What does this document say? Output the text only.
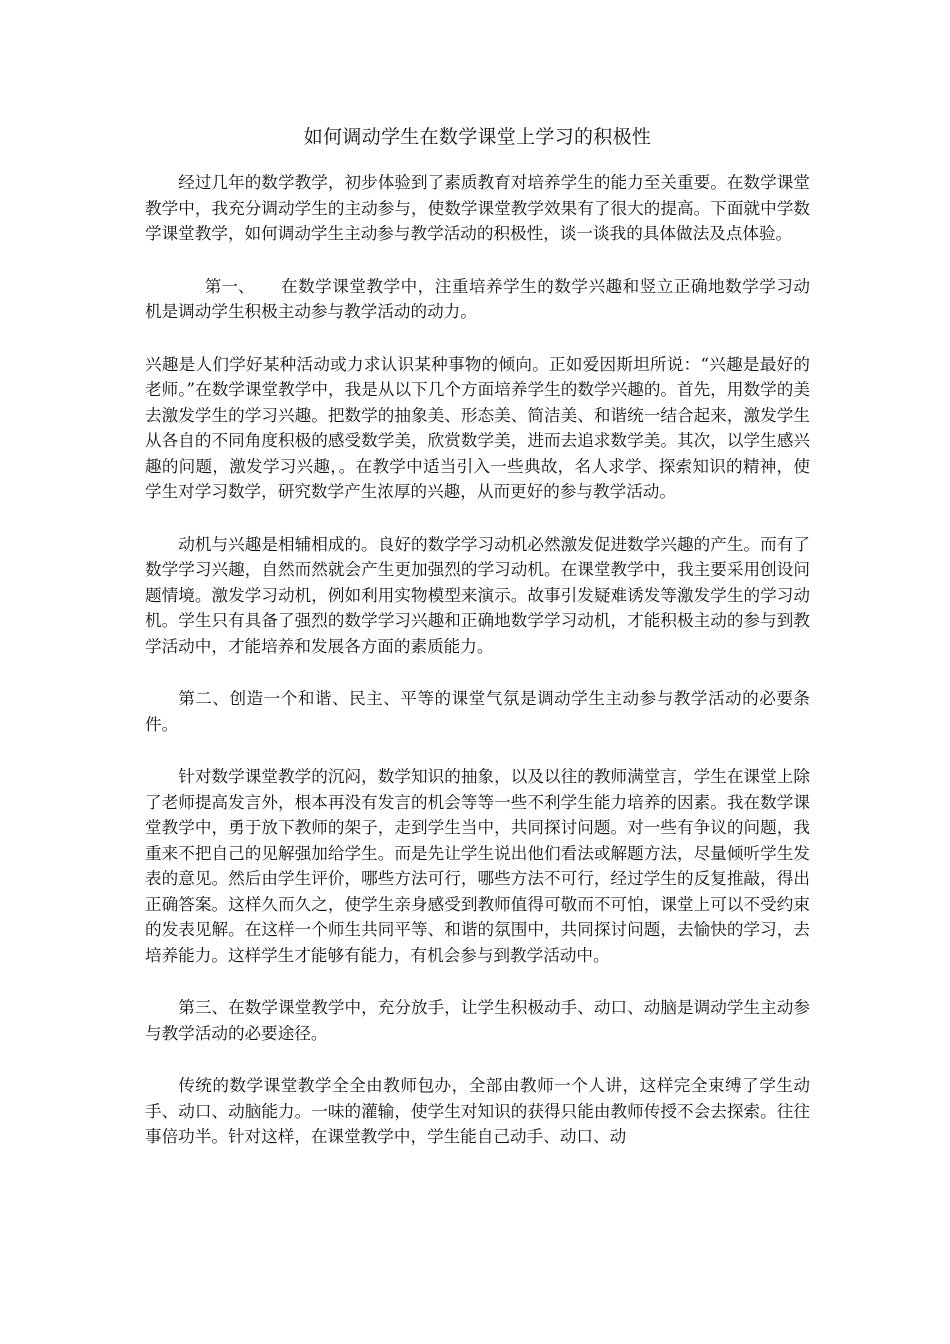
如何调动学生在数学课堂上学习的积极性

经过几年的数学教学，初步体验到了素质教育对培养学生的能力至关重要。在数学课堂教学中，我充分调动学生的主动参与，使数学课堂教学效果有了很大的提高。下面就中学数学课堂教学，如何调动学生主动参与教学活动的积极性，谈一谈我的具体做法及点体验。

第一、 在数学课堂教学中，注重培养学生的数学兴趣和竖立正确地数学学习动机是调动学生积极主动参与教学活动的动力。

兴趣是人们学好某种活动或力求认识某种事物的倾向。正如爱因斯坦所说：“兴趣是最好的老师。”在数学课堂教学中，我是从以下几个方面培养学生的数学兴趣的。首先，用数学的美去激发学生的学习兴趣。把数学的抽象美、形态美、简洁美、和谐统一结合起来，激发学生从各自的不同角度积极的感受数学美，欣赏数学美，进而去追求数学美。其次，以学生感兴趣的问题，激发学习兴趣，。在教学中适当引入一些典故，名人求学、探索知识的精神，使学生对学习数学，研究数学产生浓厚的兴趣，从而更好的参与教学活动。

动机与兴趣是相辅相成的。良好的数学学习动机必然激发促进数学兴趣的产生。而有了数学学习兴趣，自然而然就会产生更加强烈的学习动机。在课堂教学中，我主要采用创设问题情境。激发学习动机，例如利用实物模型来演示。故事引发疑难诱发等激发学生的学习动机。学生只有具备了强烈的数学学习兴趣和正确地数学学习动机，才能积极主动的参与到教学活动中，才能培养和发展各方面的素质能力。

第二、创造一个和谐、民主、平等的课堂气氛是调动学生主动参与教学活动的必要条件。

针对数学课堂教学的沉闷，数学知识的抽象，以及以往的教师满堂言，学生在课堂上除了老师提高发言外，根本再没有发言的机会等等一些不利学生能力培养的因素。我在数学课堂教学中，勇于放下教师的架子，走到学生当中，共同探讨问题。对一些有争议的问题，我重来不把自己的见解强加给学生。而是先让学生说出他们看法或解题方法，尽量倾听学生发表的意见。然后由学生评价，哪些方法可行，哪些方法不可行，经过学生的反复推敲，得出正确答案。这样久而久之，使学生亲身感受到教师值得可敬而不可怕，课堂上可以不受约束的发表见解。在这样一个师生共同平等、和谐的氛围中，共同探讨问题，去愉快的学习，去培养能力。这样学生才能够有能力，有机会参与到教学活动中。

第三、在数学课堂教学中，充分放手，让学生积极动手、动口、动脑是调动学生主动参与教学活动的必要途径。

传统的数学课堂教学全全由教师包办，全部由教师一个人讲，这样完全束缚了学生动手、动口、动脑能力。一味的灌输，使学生对知识的获得只能由教师传授不会去探索。往往事倍功半。针对这样，在课堂教学中，学生能自己动手、动口、动
